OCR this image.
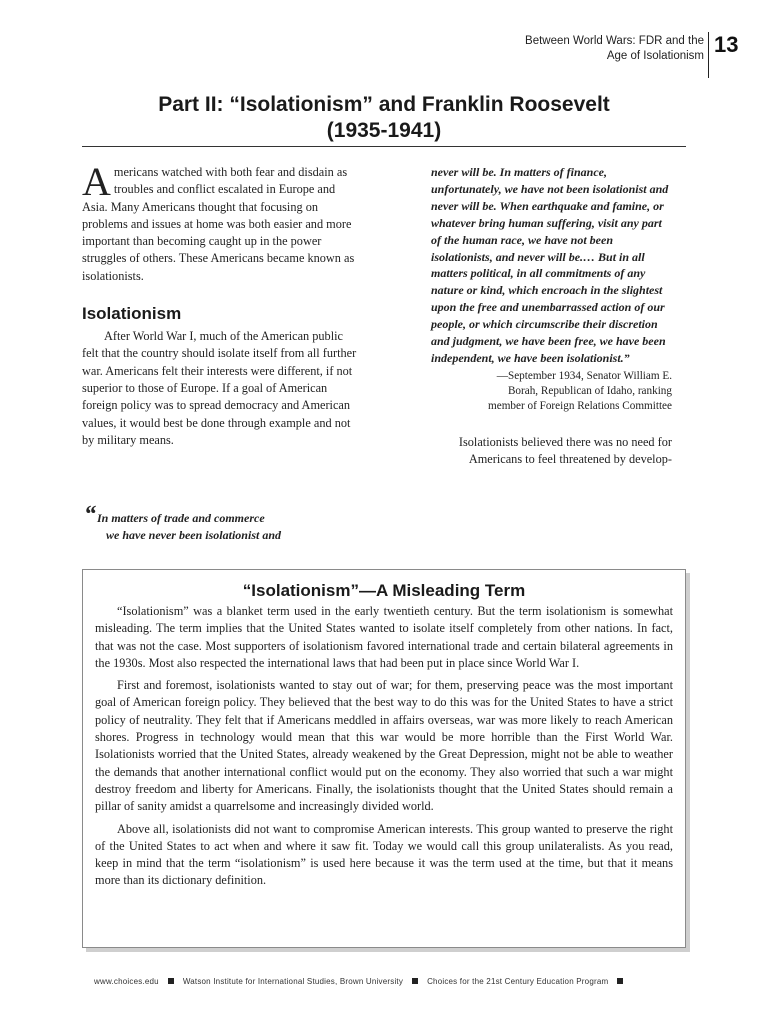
Between World Wars: FDR and the
Age of Isolationism 13
Part II: “Isolationism” and Franklin Roosevelt
(1935-1941)

Americans watched with both fear and disdain as troubles and conflict escalated in Europe and Asia. Many Americans thought that focusing on problems and issues at home was both easier and more important than becoming caught up in the power struggles of others. These Americans became known as isolationists.

Isolationism

After World War I, much of the American public felt that the country should isolate itself from all further war. Americans felt their interests were different, if not superior to those of Europe. If a goal of American foreign policy was to spread democracy and American values, it would best be done through example and not by military means.

“In matters of trade and commerce
we have never been isolationist and
never will be. In matters of finance, unfortunately, we have not been isolationist and never will be. When earthquake and famine, or whatever bring human suffering, visit any part of the human race, we have not been isolationists, and never will be.… But in all matters political, in all commitments of any nature or kind, which encroach in the slightest upon the free and unembarrassed action of our people, or which circumscribe their discretion and judgment, we have been free, we have been independent, we have been isolationist.”
—September 1934, Senator William E.
Borah, Republican of Idaho, ranking
member of Foreign Relations Committee
Isolationists believed there was no need for Americans to feel threatened by develop-
“Isolationism”—A Misleading Term

“Isolationism” was a blanket term used in the early twentieth century. But the term isolationism is somewhat misleading. The term implies that the United States wanted to isolate itself completely from other nations. In fact, that was not the case. Most supporters of isolationism favored international trade and certain bilateral agreements in the 1930s. Most also respected the international laws that had been put in place since World War I.

First and foremost, isolationists wanted to stay out of war; for them, preserving peace was the most important goal of American foreign policy. They believed that the best way to do this was for the United States to have a strict policy of neutrality. They felt that if Americans meddled in affairs overseas, war was more likely to reach American shores. Progress in technology would mean that this war would be more horrible than the First World War. Isolationists worried that the United States, already weakened by the Great Depression, might not be able to weather the demands that another international conflict would put on the economy. They also worried that such a war might destroy freedom and liberty for Americans. Finally, the isolationists thought that the United States should remain a pillar of sanity amidst a quarrelsome and increasingly divided world.

Above all, isolationists did not want to compromise American interests. This group wanted to preserve the right of the United States to act when and where it saw fit. Today we would call this group unilateralists. As you read, keep in mind that the term “isolationism” is used here because it was the term used at the time, but that it means more than its dictionary definition.

www.choices.edu	Watson Institute for International Studies, Brown University	Choices for the 21st Century Education Program
